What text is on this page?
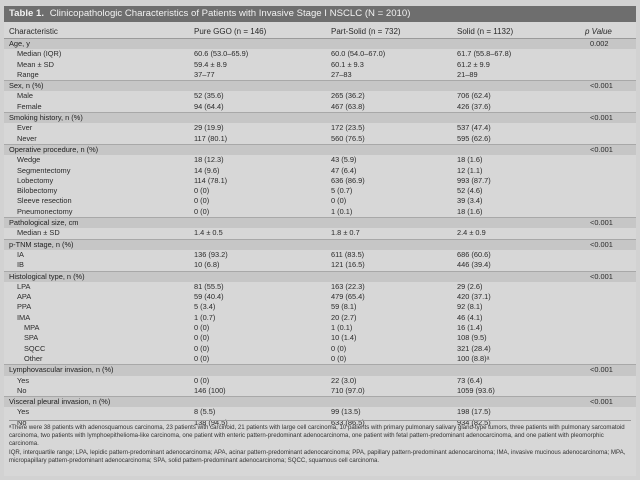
Table 1. Clinicopathologic Characteristics of Patients with Invasive Stage I NSCLC (N = 2010)
Characteristic	Pure GGO (n = 146)	Part-Solid (n = 732)	Solid (n = 1132)	p Value
Age, y				0.002
Median (IQR)	60.6 (53.0–65.9)	60.0 (54.0–67.0)	61.7 (55.8–67.8)	
Mean ± SD	59.4 ± 8.9	60.1 ± 9.3	61.2 ± 9.9	
Range	37–77	27–83	21–89	
Sex, n (%)				<0.001
Male	52 (35.6)	265 (36.2)	706 (62.4)	
Female	94 (64.4)	467 (63.8)	426 (37.6)	
Smoking history, n (%)				<0.001
Ever	29 (19.9)	172 (23.5)	537 (47.4)	
Never	117 (80.1)	560 (76.5)	595 (62.6)	
Operative procedure, n (%)				<0.001
Wedge	18 (12.3)	43 (5.9)	18 (1.6)	
Segmentectomy	14 (9.6)	47 (6.4)	12 (1.1)	
Lobectomy	114 (78.1)	636 (86.9)	993 (87.7)	
Bilobectomy	0 (0)	5 (0.7)	52 (4.6)	
Sleeve resection	0 (0)	0 (0)	39 (3.4)	
Pneumonectomy	0 (0)	1 (0.1)	18 (1.6)	
Pathological size, cm				<0.001
Median ± SD	1.4 ± 0.5	1.8 ± 0.7	2.4 ± 0.9	
p-TNM stage, n (%)				<0.001
IA	136 (93.2)	611 (83.5)	686 (60.6)	
IB	10 (6.8)	121 (16.5)	446 (39.4)	
Histological type, n (%)				<0.001
LPA	81 (55.5)	163 (22.3)	29 (2.6)	
APA	59 (40.4)	479 (65.4)	420 (37.1)	
PPA	5 (3.4)	59 (8.1)	92 (8.1)	
IMA	1 (0.7)	20 (2.7)	46 (4.1)	
MPA	0 (0)	1 (0.1)	16 (1.4)	
SPA	0 (0)	10 (1.4)	108 (9.5)	
SQCC	0 (0)	0 (0)	321 (28.4)	
Other	0 (0)	0 (0)	100 (8.8)ᵃ	
Lymphovascular invasion, n (%)				<0.001
Yes	0 (0)	22 (3.0)	73 (6.4)	
No	146 (100)	710 (97.0)	1059 (93.6)	
Visceral pleural invasion, n (%)				<0.001
Yes	8 (5.5)	99 (13.5)	198 (17.5)	
No	138 (94.5)	633 (86.5)	934 (82.5)	

ᵃThere were 38 patients with adenosquamous carcinoma, 23 patients with carcinoid, 21 patients with large cell carcinoma, 10 patients with primary pulmonary salivary gland-type tumors, three patients with pulmonary sarcomatoid carcinoma, two patients with lymphoepithelioma-like carcinoma, one patient with enteric pattern-predominant adenocarcinoma, one patient with fetal pattern-predominant adenocarcinoma, and one patient with pleomorphic carcinoma.

IQR, interquartile range; LPA, lepidic pattern-predominant adenocarcinoma; APA, acinar pattern-predominant adenocarcinoma; PPA, papillary pattern-predominant adenocarcinoma; IMA, invasive mucinous adenocarcinoma; MPA, micropapillary pattern-predominant adenocarcinoma; SPA, solid pattern-predominant adenocarcinoma; SQCC, squamous cell carcinoma.
